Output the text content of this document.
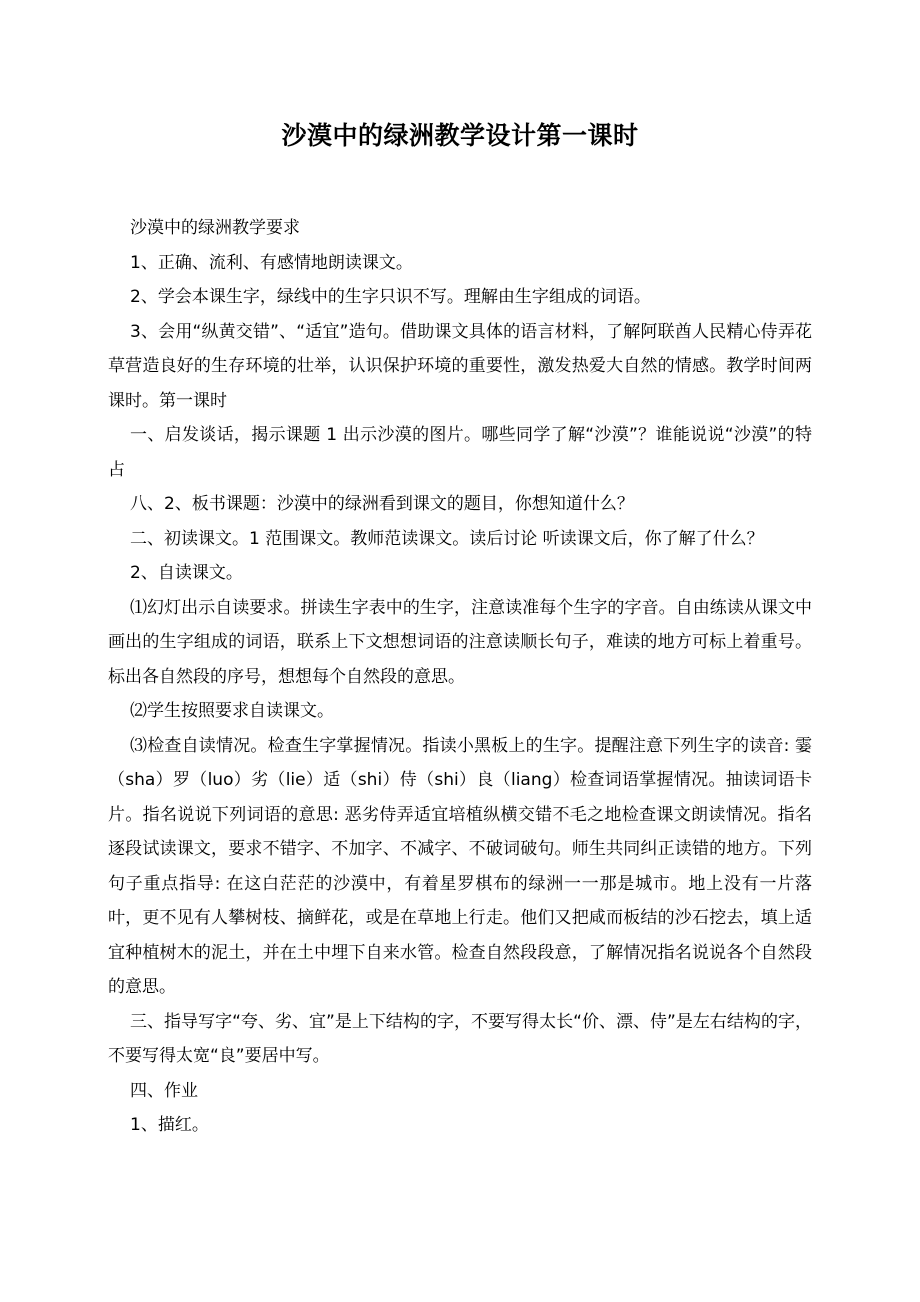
沙漠中的绿洲教学设计第一课时

沙漠中的绿洲教学要求

1、正确、流利、有感情地朗读课文。

2、学会本课生字，绿线中的生字只识不写。理解由生字组成的词语。

3、会用“纵黄交错”、“适宜”造句。借助课文具体的语言材料，了解阿联酋人民精心侍弄花草营造良好的生存环境的壮举，认识保护环境的重要性，激发热爱大自然的情感。教学时间两课时。第一课时

一、启发谈话，揭示课题 1 出示沙漠的图片。哪些同学了解“沙漠”？谁能说说“沙漠”的特占

八、2、板书课题：沙漠中的绿洲看到课文的题目，你想知道什么？

二、初读课文。1 范围课文。教师范读课文。读后讨论 听读课文后，你了解了什么？

2、自读课文。

⑴幻灯出示自读要求。拼读生字表中的生字，注意读准每个生字的字音。自由练读从课文中画出的生字组成的词语，联系上下文想想词语的注意读顺长句子，难读的地方可标上着重号。标出各自然段的序号，想想每个自然段的意思。

⑵学生按照要求自读课文。

⑶检查自读情况。检查生字掌握情况。指读小黑板上的生字。提醒注意下列生字的读音: 霎（sha）罗（luo）劣（lie）适（shi）侍（shi）良（liang）检查词语掌握情况。抽读词语卡片。指名说说下列词语的意思: 恶劣侍弄适宜培植纵横交错不毛之地检查课文朗读情况。指名逐段试读课文，要求不错字、不加字、不减字、不破词破句。师生共同纠正读错的地方。下列句子重点指导: 在这白茫茫的沙漠中，有着星罗棋布的绿洲一一那是城市。地上没有一片落叶，更不见有人攀树枝、摘鲜花，或是在草地上行走。他们又把咸而板结的沙石挖去，填上适宜种植树木的泥土，并在土中埋下自来水管。检查自然段段意，了解情况指名说说各个自然段的意思。

三、指导写字“夸、劣、宜”是上下结构的字，不要写得太长“价、漂、侍”是左右结构的字，不要写得太宽“良”要居中写。

四、作业

1、描红。
